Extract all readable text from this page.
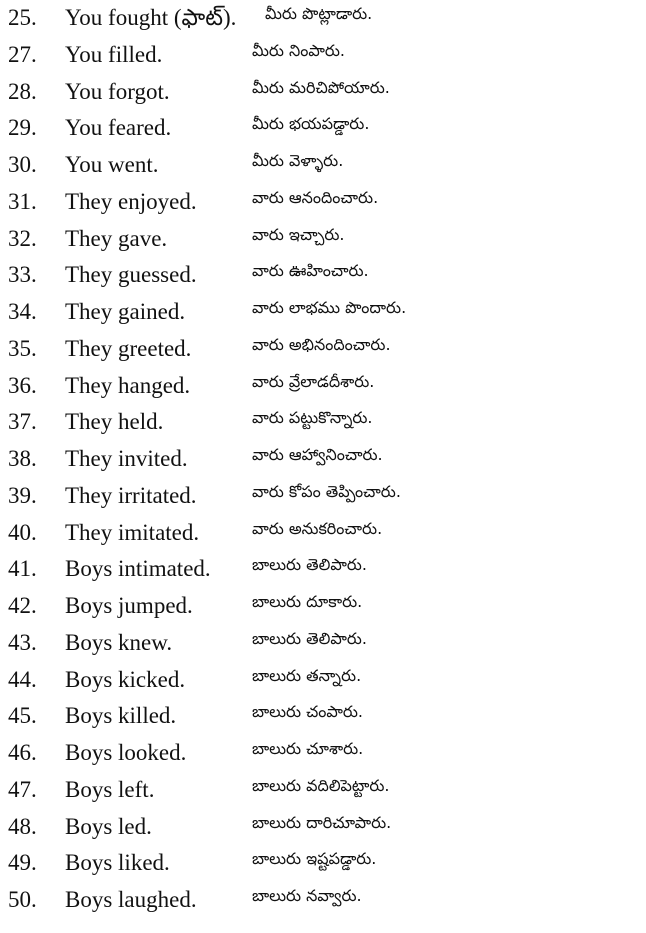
25. You fought (ఫాట్). మీరు పొట్లాడారు.
27. You filled.	మీరు నింపారు.
28. You forgot.	మీరు మరిచిపోయారు.
29. You feared.	మీరు భయపడ్డారు.
30. You went.	మీరు వెళ్ళారు.
31. They enjoyed.	వారు ఆనందించారు.
32. They gave.	వారు ఇచ్చారు.
33. They guessed.	వారు ఊహించారు.
34. They gained.	వారు లాభము పొందారు.
35. They greeted.	వారు అభినందించారు.
36. They hanged.	వారు వ్రేలాడదీశారు.
37. They held.	వారు పట్టుకొన్నారు.
38. They invited.	వారు ఆహ్వానించారు.
39. They irritated.	వారు కోపం తెప్పించారు.
40. They imitated.	వారు అనుకరించారు.
41. Boys intimated.	బాలురు తెలిపారు.
42. Boys jumped.	బాలురు దూకారు.
43. Boys knew.	బాలురు తెలిపారు.
44. Boys kicked.	బాలురు తన్నారు.
45. Boys killed.	బాలురు చంపారు.
46. Boys looked.	బాలురు చూశారు.
47. Boys left.	బాలురు వదిలిపెట్టారు.
48. Boys led.	బాలురు దారిచూపారు.
49. Boys liked.	బాలురు ఇష్టపడ్డారు.
50. Boys laughed.	బాలురు నవ్వారు.
